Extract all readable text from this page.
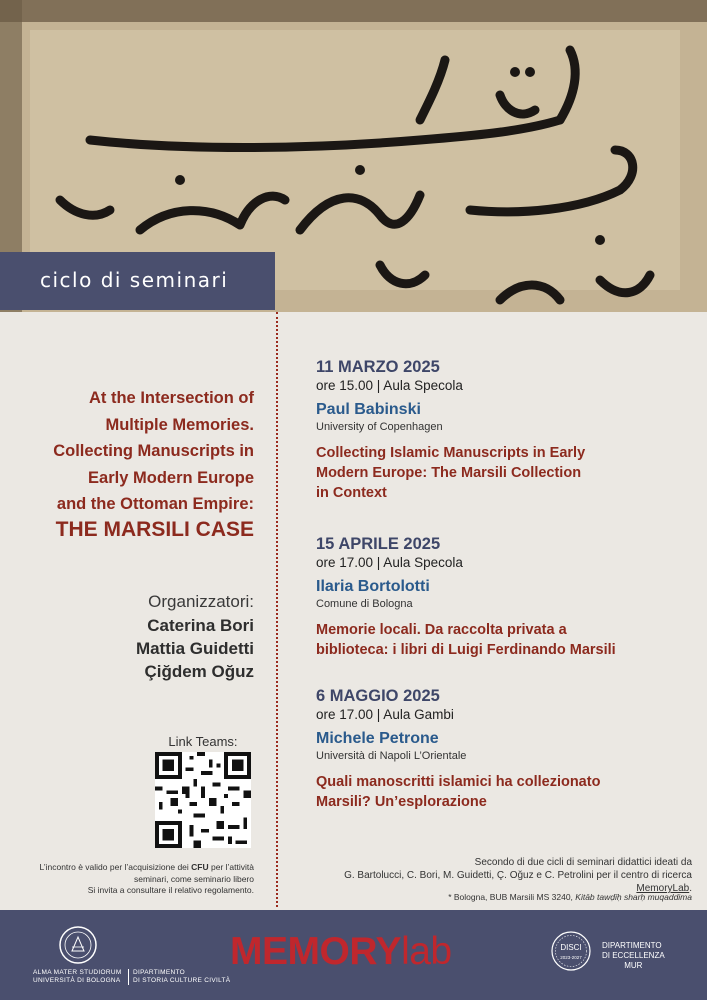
ciclo di seminari
At the Intersection of
Multiple Memories.
Collecting Manuscripts in
Early Modern Europe
and the Ottoman Empire:
THE MARSILI CASE
Organizzatori:
Caterina Bori
Mattia Guidetti
Çiğdem Oğuz
Link Teams:
L’incontro è valido per l’acquisizione dei CFU per l’attività
seminari, come seminario libero
Si invita a consultare il relativo regolamento.
11 MARZO 2025
ore 15.00 | Aula Specola
Paul Babinski
University of Copenhagen
Collecting Islamic Manuscripts in Early
Modern Europe: The Marsili Collection
in Context
15 APRILE 2025
ore 17.00 | Aula Specola
Ilaria Bortolotti
Comune di Bologna
Memorie locali. Da raccolta privata a
biblioteca: i libri di Luigi Ferdinando Marsili
6 MAGGIO 2025
ore 17.00 | Aula Gambi
Michele Petrone
Università di Napoli L’Orientale
Quali manoscritti islamici ha collezionato
Marsili? Un’esplorazione
Secondo di due cicli di seminari didattici ideati da
G. Bartolucci, C. Bori, M. Guidetti, Ç. Oğuz e C. Petrolini per il centro di ricerca MemoryLab.
* Bologna, BUB Marsili MS 3240, Kitāb tawḍīḥ sharḥ muqaddima
ALMA MATER STUDIORUM
UNIVERSITÀ DI BOLOGNA
DIPARTIMENTO
DI STORIA CULTURE CIVILTÀ
MEMORYlab	DISCI
2023-2027
DIPARTIMENTO
DI ECCELLENZA
MUR
